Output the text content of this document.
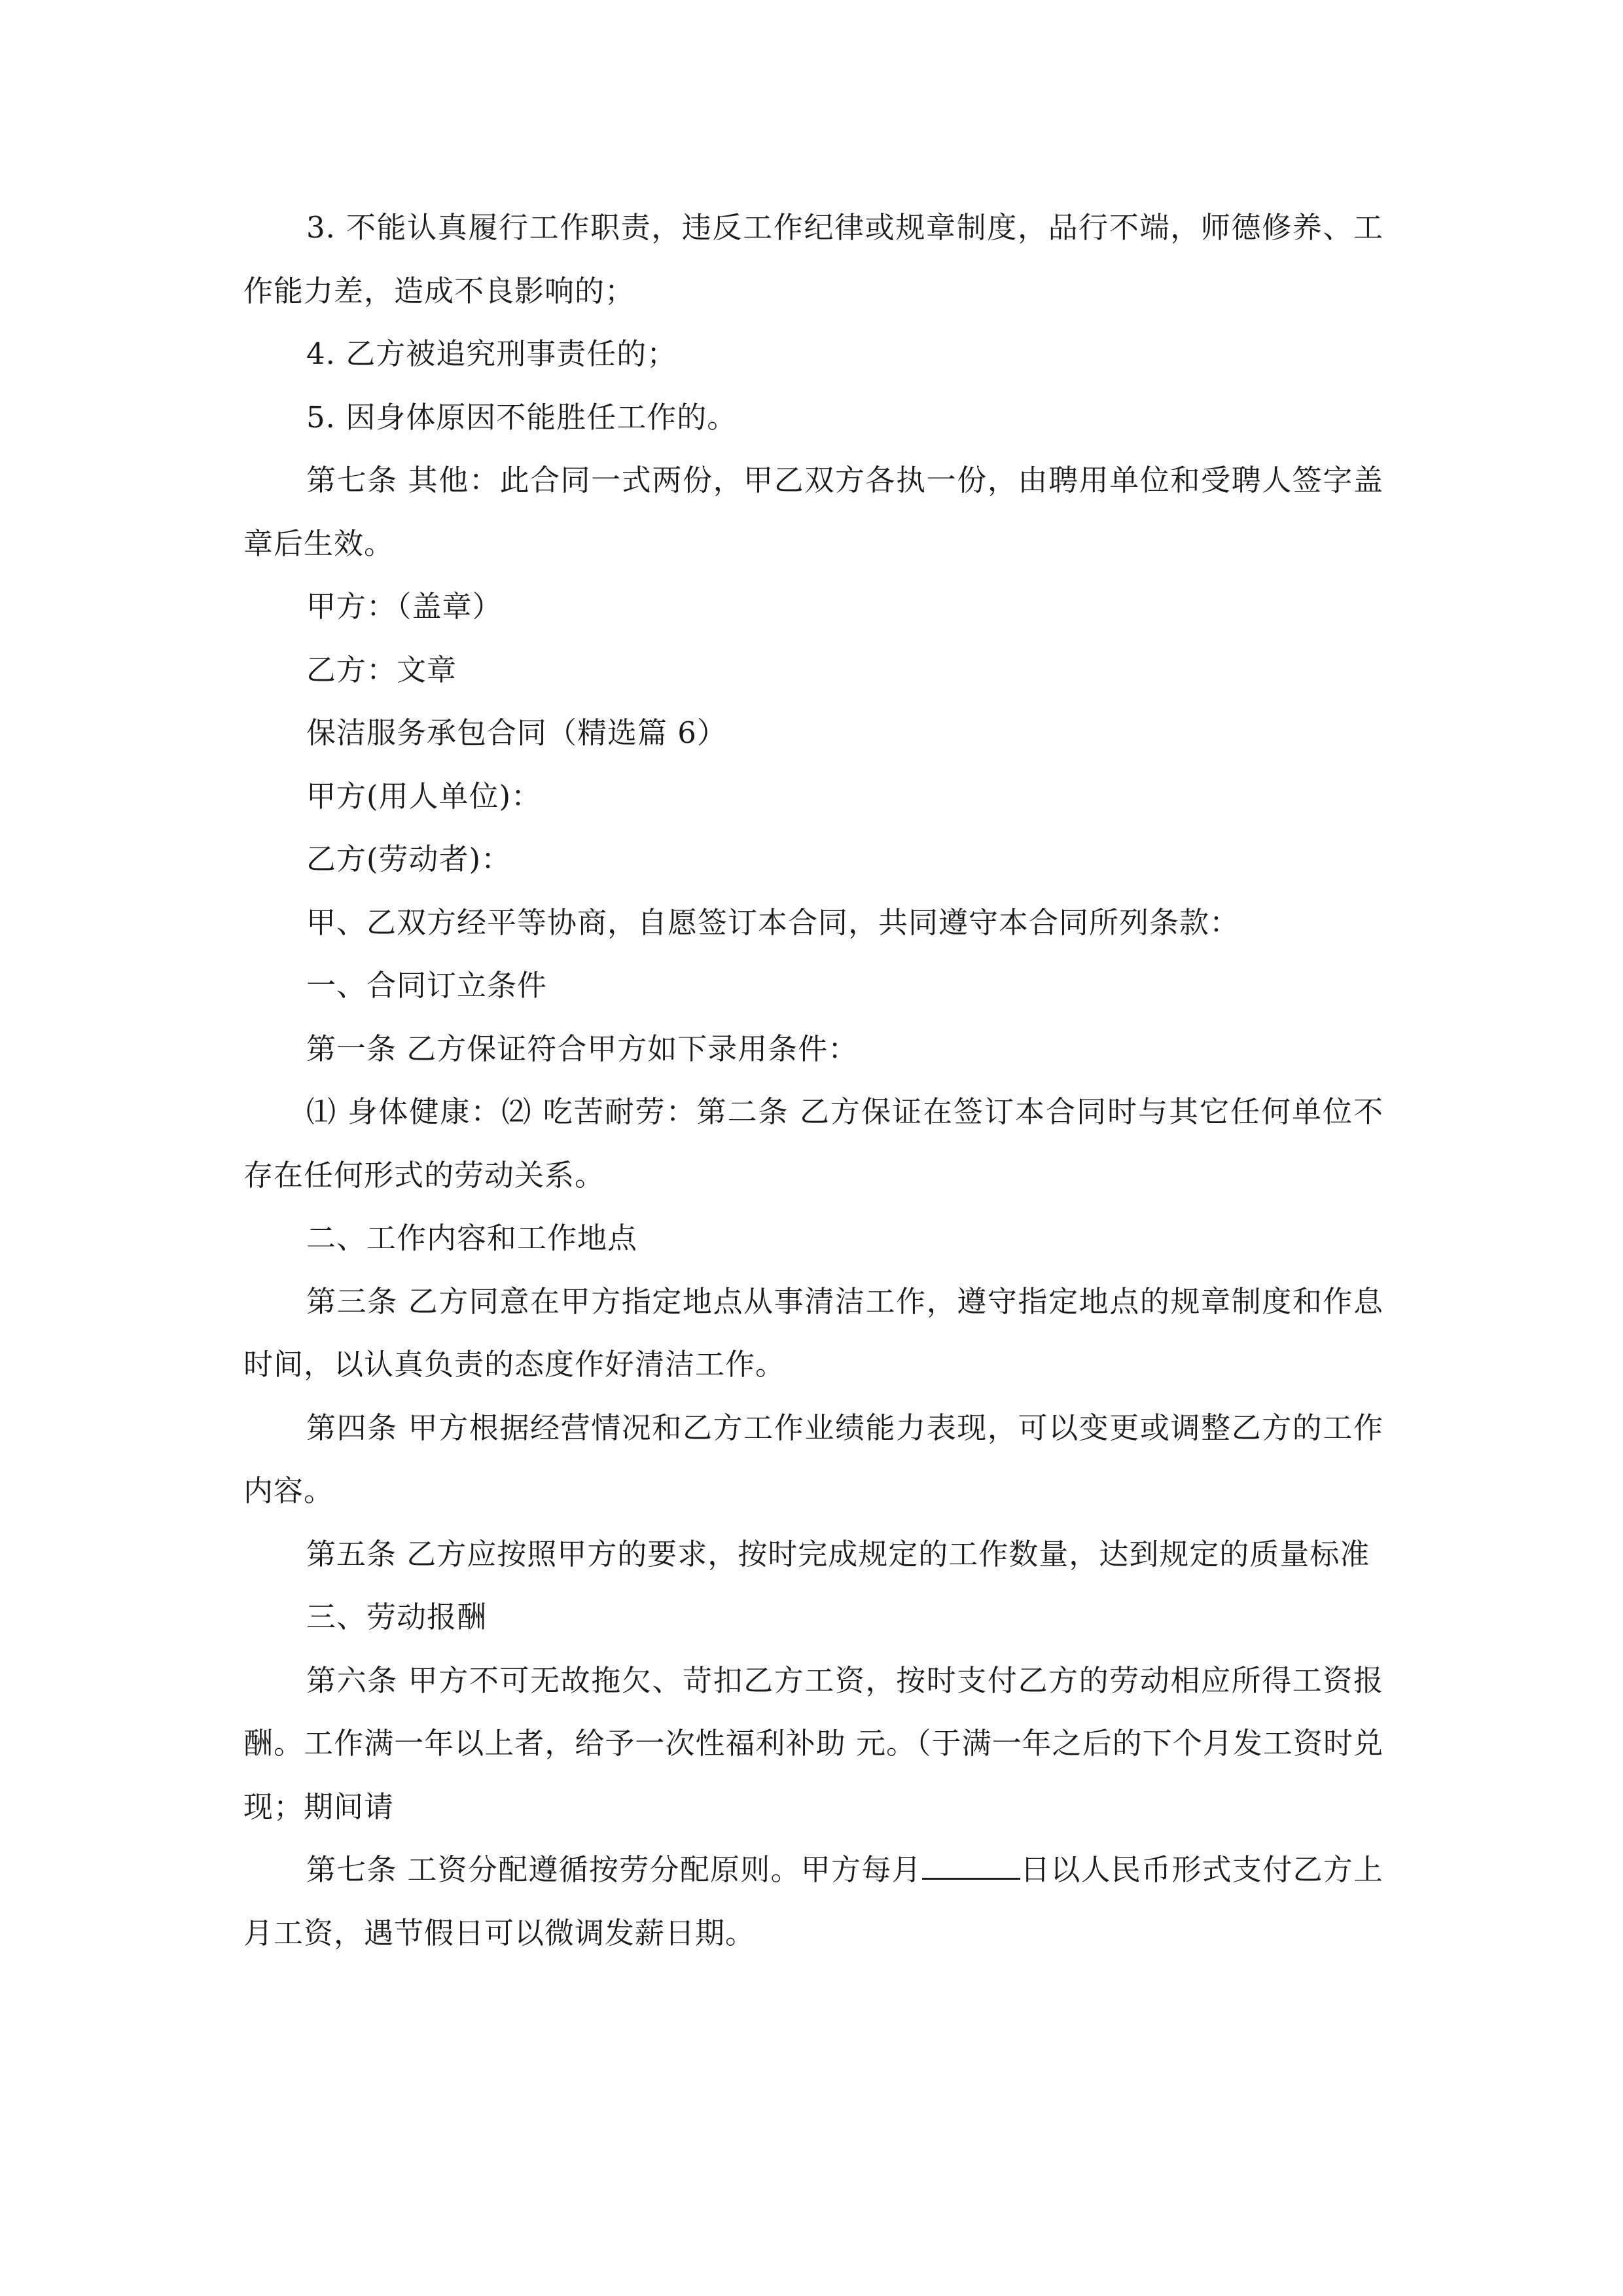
3. 不能认真履行工作职责，违反工作纪律或规章制度，品行不端，师德修养、工作能力差，造成不良影响的；

4. 乙方被追究刑事责任的；

5. 因身体原因不能胜任工作的。

第七条 其他：此合同一式两份，甲乙双方各执一份，由聘用单位和受聘人签字盖章后生效。

甲方：（盖章）

乙方：文章

保洁服务承包合同（精选篇 6）

甲方(用人单位)：

乙方(劳动者)：

甲、乙双方经平等协商，自愿签订本合同，共同遵守本合同所列条款：

一、合同订立条件

第一条 乙方保证符合甲方如下录用条件：

⑴ 身体健康：⑵ 吃苦耐劳：第二条 乙方保证在签订本合同时与其它任何单位不存在任何形式的劳动关系。

二、工作内容和工作地点

第三条 乙方同意在甲方指定地点从事清洁工作，遵守指定地点的规章制度和作息时间，以认真负责的态度作好清洁工作。

第四条 甲方根据经营情况和乙方工作业绩能力表现，可以变更或调整乙方的工作内容。

第五条 乙方应按照甲方的要求，按时完成规定的工作数量，达到规定的质量标准

三、劳动报酬

第六条 甲方不可无故拖欠、苛扣乙方工资，按时支付乙方的劳动相应所得工资报酬。工作满一年以上者，给予一次性福利补助 元。（于满一年之后的下个月发工资时兑现；期间请

第七条 工资分配遵循按劳分配原则。甲方每月	日以人民币形式支付乙方上月工资，遇节假日可以微调发薪日期。
